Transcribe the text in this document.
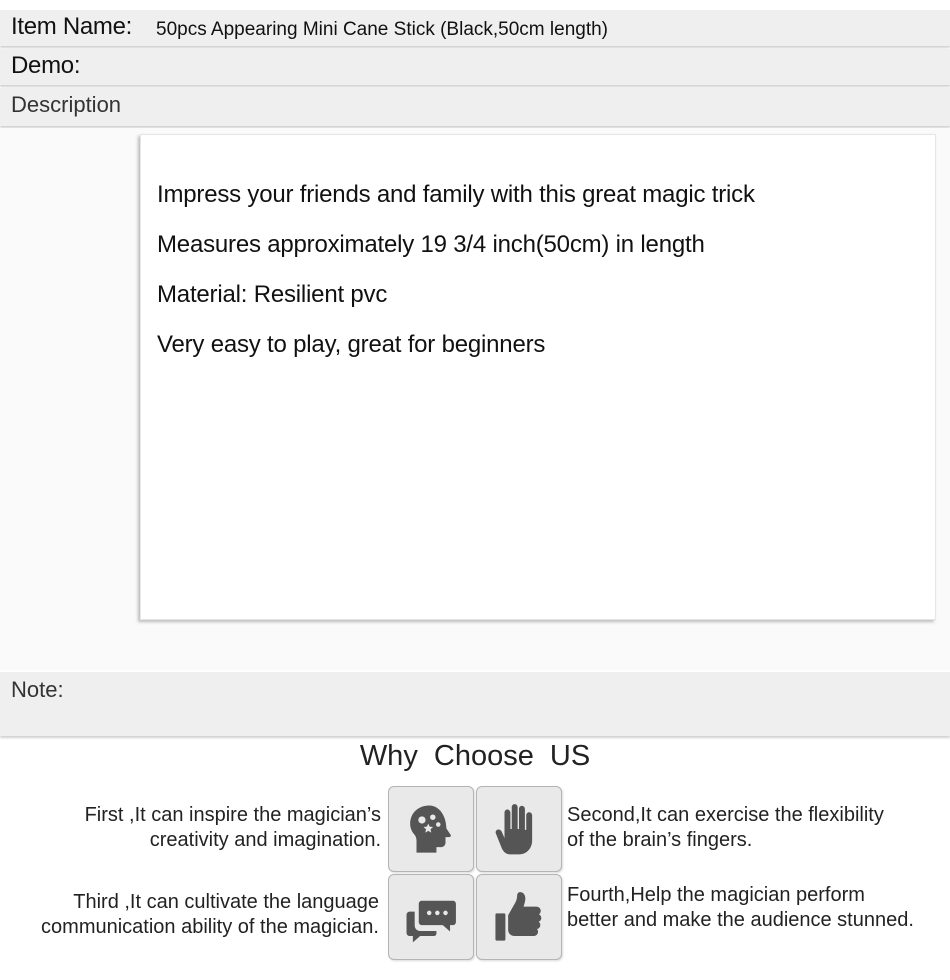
Item Name: 50pcs Appearing Mini Cane Stick (Black,50cm length)
Demo:
Description
Impress your friends and family with this great magic trick
Measures approximately 19 3/4 inch(50cm) in length
Material: Resilient pvc
Very easy to play, great for beginners
Note:
Why Choose US
First ,It can inspire the magician’s
creativity and imagination.
Second,It can exercise the flexibility
of the brain’s fingers.
Third ,It can cultivate the language
communication ability of the magician.
Fourth,Help the magician perform
better and make the audience stunned.
